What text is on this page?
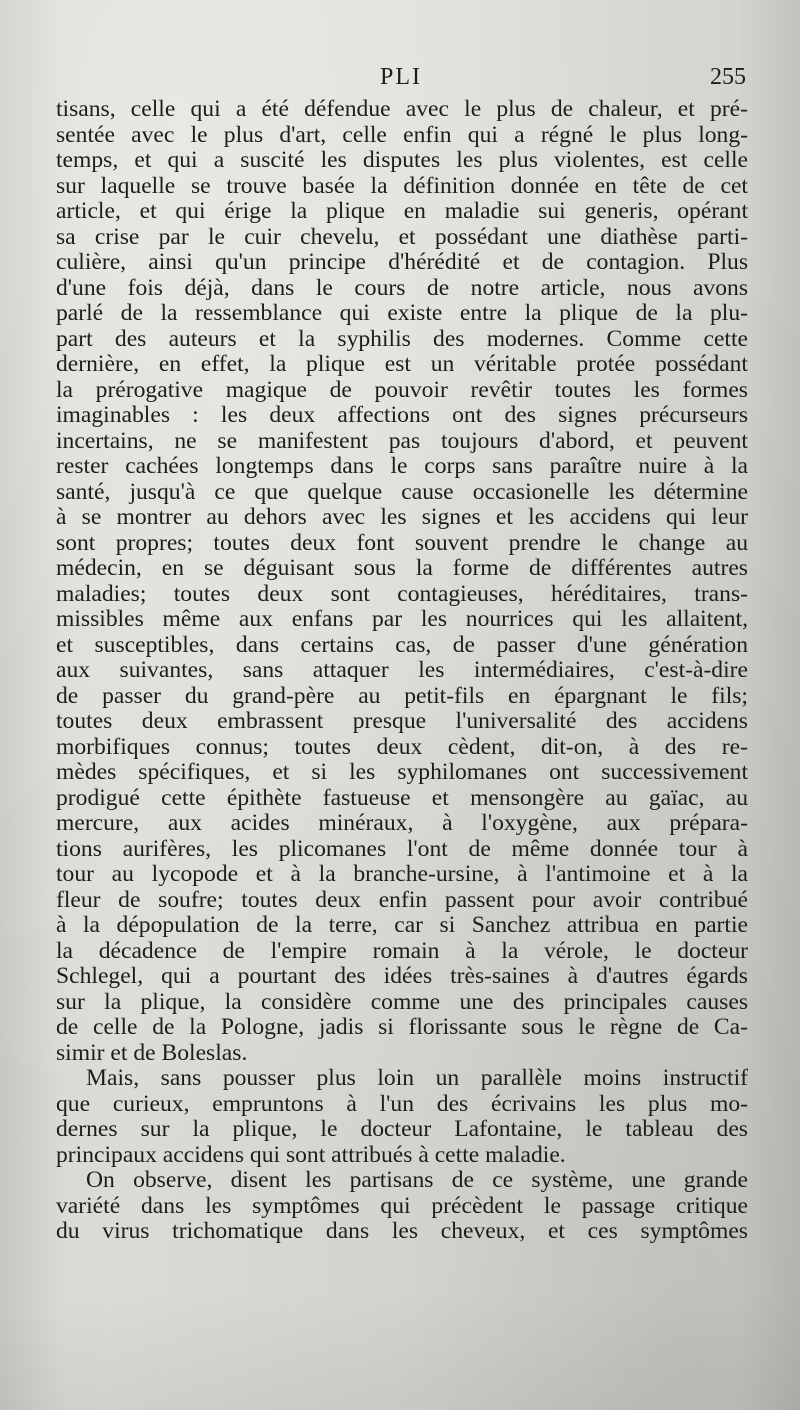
PLI	255
tisans, celle qui a été défendue avec le plus de chaleur, et pré-
sentée avec le plus d'art, celle enfin qui a régné le plus long-
temps, et qui a suscité les disputes les plus violentes, est celle
sur laquelle se trouve basée la définition donnée en tête de cet
article, et qui érige la plique en maladie sui generis, opérant
sa crise par le cuir chevelu, et possédant une diathèse parti-
culière, ainsi qu'un principe d'hérédité et de contagion. Plus
d'une fois déjà, dans le cours de notre article, nous avons
parlé de la ressemblance qui existe entre la plique de la plu-
part des auteurs et la syphilis des modernes. Comme cette
dernière, en effet, la plique est un véritable protée possédant
la prérogative magique de pouvoir revêtir toutes les formes
imaginables : les deux affections ont des signes précurseurs
incertains, ne se manifestent pas toujours d'abord, et peuvent
rester cachées longtemps dans le corps sans paraître nuire à la
santé, jusqu'à ce que quelque cause occasionelle les détermine
à se montrer au dehors avec les signes et les accidens qui leur
sont propres; toutes deux font souvent prendre le change au
médecin, en se déguisant sous la forme de différentes autres
maladies; toutes deux sont contagieuses, héréditaires, trans-
missibles même aux enfans par les nourrices qui les allaitent,
et susceptibles, dans certains cas, de passer d'une génération
aux suivantes, sans attaquer les intermédiaires, c'est-à-dire
de passer du grand-père au petit-fils en épargnant le fils;
toutes deux embrassent presque l'universalité des accidens
morbifiques connus; toutes deux cèdent, dit-on, à des re-
mèdes spécifiques, et si les syphilomanes ont successivement
prodigué cette épithète fastueuse et mensongère au gaïac, au
mercure, aux acides minéraux, à l'oxygène, aux prépara-
tions aurifères, les plicomanes l'ont de même donnée tour à
tour au lycopode et à la branche-ursine, à l'antimoine et à la
fleur de soufre; toutes deux enfin passent pour avoir contribué
à la dépopulation de la terre, car si Sanchez attribua en partie
la décadence de l'empire romain à la vérole, le docteur
Schlegel, qui a pourtant des idées très-saines à d'autres égards
sur la plique, la considère comme une des principales causes
de celle de la Pologne, jadis si florissante sous le règne de Ca-
simir et de Boleslas.
Mais, sans pousser plus loin un parallèle moins instructif
que curieux, empruntons à l'un des écrivains les plus mo-
dernes sur la plique, le docteur Lafontaine, le tableau des
principaux accidens qui sont attribués à cette maladie.
On observe, disent les partisans de ce système, une grande
variété dans les symptômes qui précèdent le passage critique
du virus trichomatique dans les cheveux, et ces symptômes
